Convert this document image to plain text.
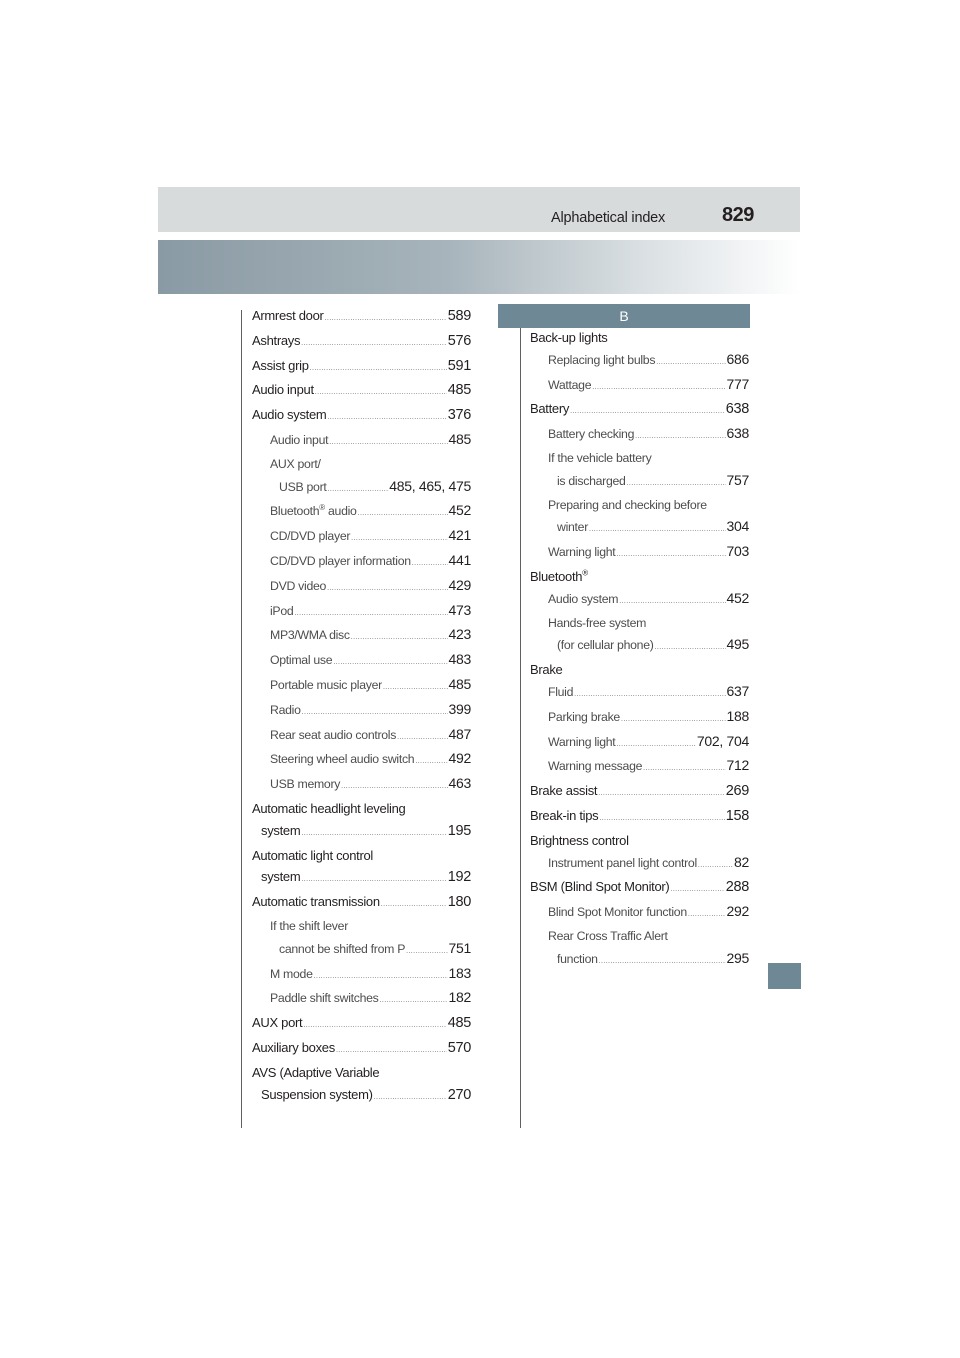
Alphabetical index	829
B
Armrest door .....	589
Ashtrays .....	576
Assist grip .....	591
Audio input .....	485
Audio system .....	376
Audio input .....	485
AUX port/
USB port .....	485, 465, 475
Bluetooth® audio .....	452
CD/DVD player .....	421
CD/DVD player information .....	441
DVD video .....	429
iPod .....	473
MP3/WMA disc .....	423
Optimal use .....	483
Portable music player .....	485
Radio .....	399
Rear seat audio controls .....	487
Steering wheel audio switch ..... 492
USB memory .....	463
Automatic headlight leveling
system .....	195
Automatic light control
system .....	192
Automatic transmission .....	180
If the shift lever
cannot be shifted from P .....	751
M mode .....	183
Paddle shift switches .....	182
AUX port .....	485
Auxiliary boxes .....	570
AVS (Adaptive Variable
Suspension system) .....	270
Back-up lights
Replacing light bulbs .....	686
Wattage .....	777
Battery .....	638
Battery checking .....	638
If the vehicle battery
is discharged .....	757
Preparing and checking before
winter .....	304
Warning light .....	703
Bluetooth®
Audio system .....	452
Hands-free system
(for cellular phone) .....	495
Brake
Fluid .....	637
Parking brake .....	188
Warning light .....	702, 704
Warning message .....	712
Brake assist .....	269
Break-in tips .....	158
Brightness control
Instrument panel light control .....	82
BSM (Blind Spot Monitor) .....	288
Blind Spot Monitor function .....	292
Rear Cross Traffic Alert
function .....	295
